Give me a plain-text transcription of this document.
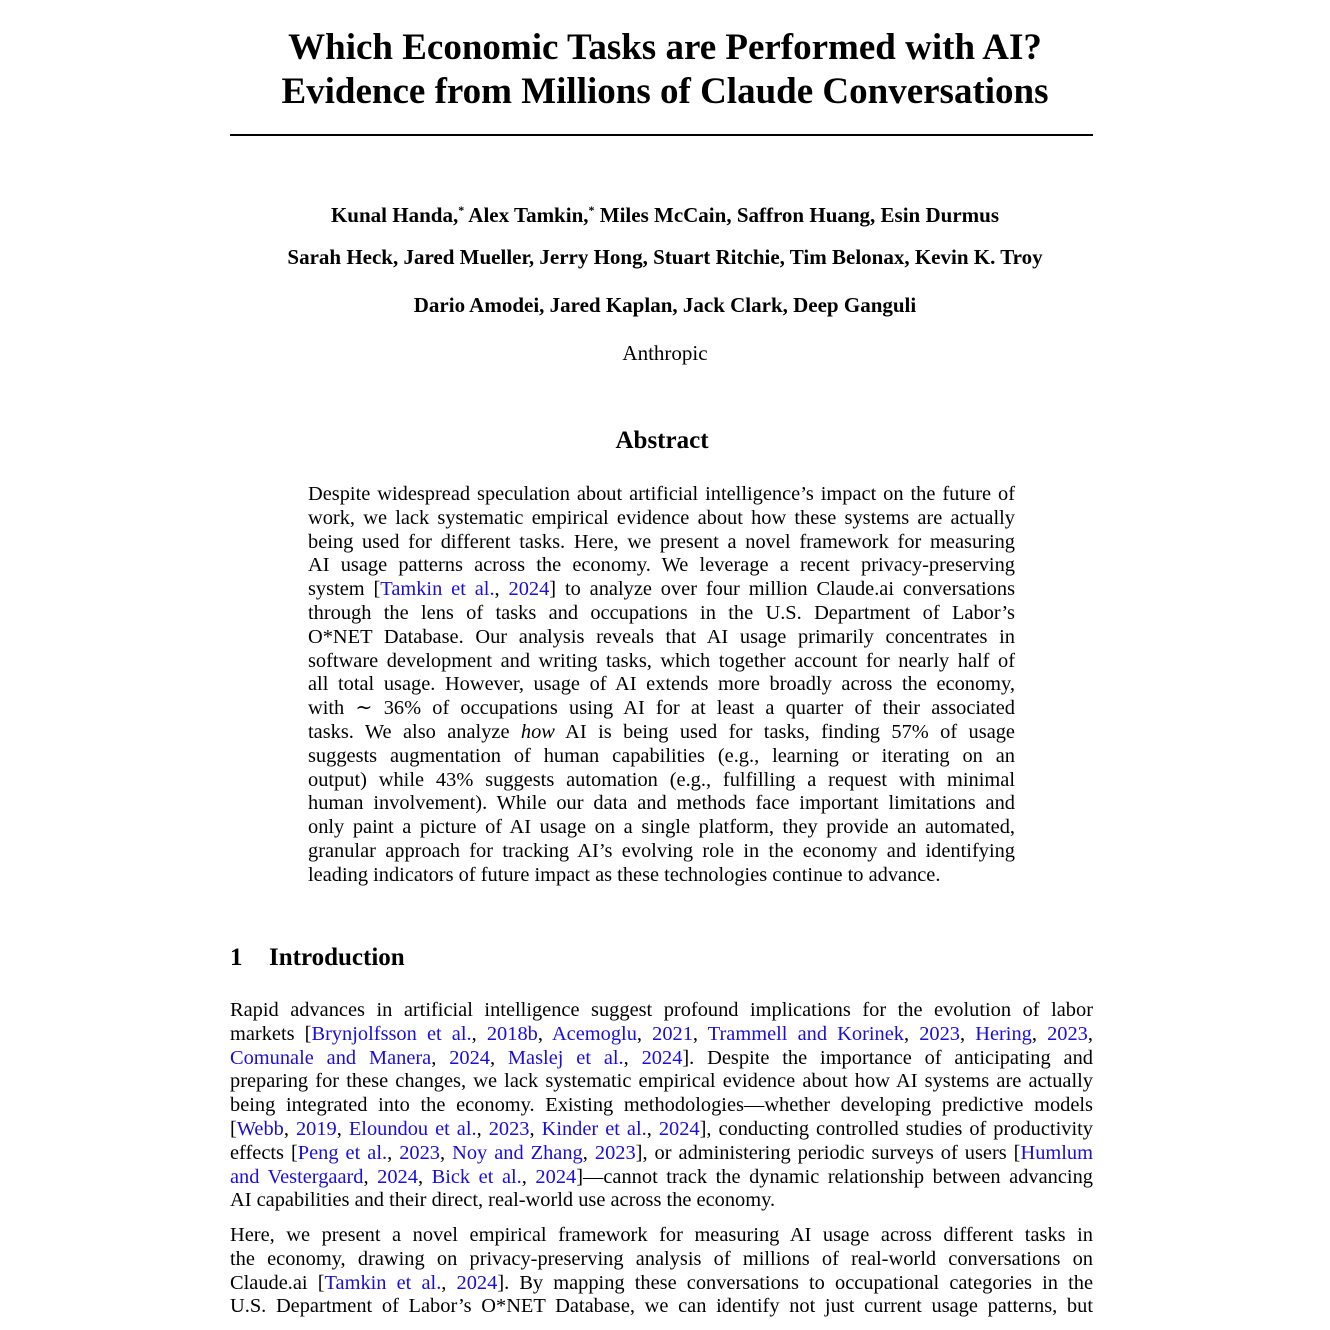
Which Economic Tasks are Performed with AI?
Evidence from Millions of Claude Conversations
Kunal Handa,* Alex Tamkin,* Miles McCain, Saffron Huang, Esin Durmus
Sarah Heck, Jared Mueller, Jerry Hong, Stuart Ritchie, Tim Belonax, Kevin K. Troy
Dario Amodei, Jared Kaplan, Jack Clark, Deep Ganguli
Anthropic
Abstract
Despite widespread speculation about artificial intelligence’s impact on the future of
work, we lack systematic empirical evidence about how these systems are actually
being used for different tasks. Here, we present a novel framework for measuring
AI usage patterns across the economy. We leverage a recent privacy-preserving
system [Tamkin et al., 2024] to analyze over four million Claude.ai conversations
through the lens of tasks and occupations in the U.S. Department of Labor’s
O*NET Database. Our analysis reveals that AI usage primarily concentrates in
software development and writing tasks, which together account for nearly half of
all total usage. However, usage of AI extends more broadly across the economy,
with ∼ 36% of occupations using AI for at least a quarter of their associated
tasks. We also analyze how AI is being used for tasks, finding 57% of usage
suggests augmentation of human capabilities (e.g., learning or iterating on an
output) while 43% suggests automation (e.g., fulfilling a request with minimal
human involvement). While our data and methods face important limitations and
only paint a picture of AI usage on a single platform, they provide an automated,
granular approach for tracking AI’s evolving role in the economy and identifying
leading indicators of future impact as these technologies continue to advance.
1 Introduction
Rapid advances in artificial intelligence suggest profound implications for the evolution of labor
markets [Brynjolfsson et al., 2018b, Acemoglu, 2021, Trammell and Korinek, 2023, Hering, 2023,
Comunale and Manera, 2024, Maslej et al., 2024]. Despite the importance of anticipating and
preparing for these changes, we lack systematic empirical evidence about how AI systems are actually
being integrated into the economy. Existing methodologies—whether developing predictive models
[Webb, 2019, Eloundou et al., 2023, Kinder et al., 2024], conducting controlled studies of productivity
effects [Peng et al., 2023, Noy and Zhang, 2023], or administering periodic surveys of users [Humlum
and Vestergaard, 2024, Bick et al., 2024]—cannot track the dynamic relationship between advancing
AI capabilities and their direct, real-world use across the economy.
Here, we present a novel empirical framework for measuring AI usage across different tasks in
the economy, drawing on privacy-preserving analysis of millions of real-world conversations on
Claude.ai [Tamkin et al., 2024]. By mapping these conversations to occupational categories in the
U.S. Department of Labor’s O*NET Database, we can identify not just current usage patterns, but
